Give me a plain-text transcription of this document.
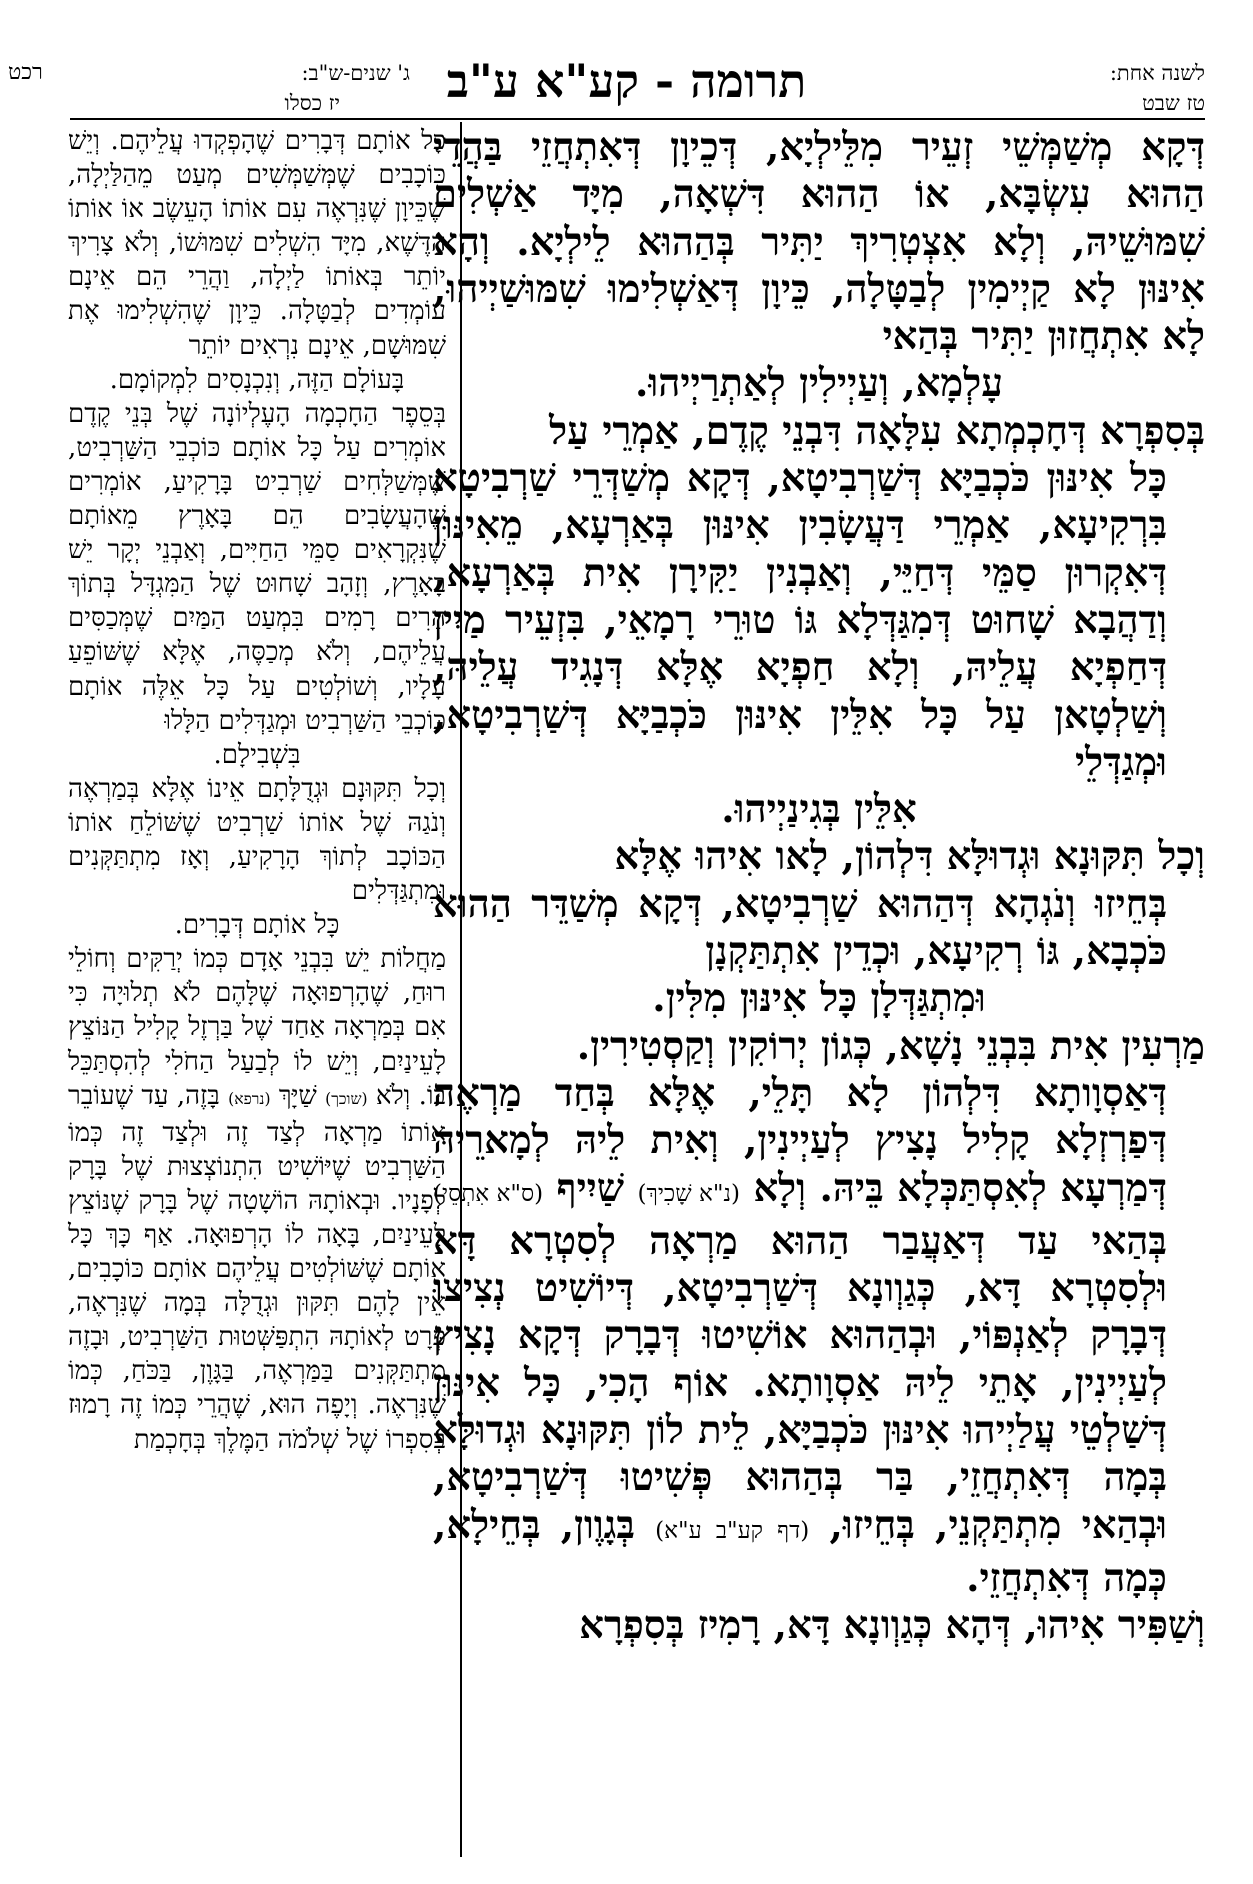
לשנה אחת:
טז שבט
תרומה - קע"א ע"ב
רכט	ג' שנים-ש"ב:
יז כסלו

דְּקָא מְשַׁמְּשֵׁי זְעֵיר מִלֵּילְיָא, דְּכֵיוָן דְּאִתְחֲזֵי בַּהֲדֵי הַהוּא עִשְׂבָּא, אוֹ הַהוּא דִּשְׁאָה, מִיָּד אַשְׁלִים שִׁמּוּשֵׁיהּ, וְלָא אִצְטְרִיךְ יַתִּיר בְּהַהוּא לֵילְיָא. וְהָא אִינּוּן לָא קַיְימִין לְבַטָּלָה, כֵּיוָן דְּאַשְׁלִימוּ שִׁמּוּשַׁיְיהוּ, לָא אִתְחֲזוּן יַתִּיר בְּהַאי

עָלְמָא, וְעַיְילִין לְאַתְרַיְיהוּ.

בְּסִפְרָא דְּחָכְמְתָא עִלָּאָה דִּבְנֵי קֶדֶם, אַמְרֵי עַל

כָּל אִינּוּן כֹּכְבַיָּא דְּשַׁרְבִיטָא, דְּקָא מְשַׁדְּרֵי שַׁרְבִיטָא בִּרְקִיעָא, אַמְרֵי דַּעֲשָׂבִין אִינּוּן בְּאַרְעָא, מֵאִינּוּן דְּאִקְרוּן סַמֵּי דְּחַיֵּי, וְאַבְנִין יַקִּירָן אִית בְּאַרְעָא, וְדַהֲבָא שָׁחוּט דְּמִגַּדְּלָא גּוֹ טוּרֵי רָמָאֵי, בִּזְעֵיר מַיִין דְּחַפְיָא עֲלֵיהּ, וְלָא חַפְיָא אֶלָּא דְּנָגִיד עֲלֵיהּ, וְשַׁלְטָאן עַל כָּל אִלֵּין אִינּוּן כֹּכְבַיָּא דְּשַׁרְבִיטָא, וּמְגַדְּלֵי

אִלֵּין בְּגִינַיְיהוּ.

וְכָל תִּקּוּנָא וּגְדוּלָּא דִּלְהוֹן, לָאו אִיהוּ אֶלָּא

בְּחֵיזוּ וְנֹגְהָא דְּהַהוּא שַׁרְבִיטָא, דְּקָא מְשַׁדֵּר הַהוּא כֹּכְבָא, גּוֹ רְקִיעָא, וּכְדֵין אִתְתַּקְנָן

וּמִתְגַּדְּלָן כָּל אִינּוּן מִלִּין.

מַרְעִין אִית בִּבְנֵי נָשָׁא, כְּגוֹן יְרוֹקִין וְקַסְטִירִין.

דְּאַסְוָותָא דִּלְהוֹן לָא תָּלֵי, אֶלָּא בְּחַד מַרְאֶה דְּפַרְזְלָא קָלִיל נָצִיץ לְעַיְינִין, וְאִית לֵיהּ לְמָארֵיהּ דְּמַרְעָא לְאִסְתַּכְּלָא בֵּיהּ. וְלָא (נ"א שָׁכִיךְ) שַׁיִיף (ס"א אִתְסֵי) בְּהַאי עַד דְּאַעֲבַר הַהוּא מַרְאָה לְסִטְרָא דָּא וּלְסִטְרָא דָּא, כְּגַוְונָא דְּשַׁרְבִיטָא, דְּיוֹשִׁיט נְצִיצוּ דְּבָרָק לְאַנְפּוֹי, וּבְהַהוּא אוֹשִׁיטוּ דְּבָרָק דְּקָא נָצִיץ לְעַיְינִין, אָתֵי לֵיהּ אַסְוָותָא. אוֹף הָכִי, כָּל אִינּוּן דְּשַׁלְטֵי עֲלַיְיהוּ אִינּוּן כֹּכְבַיָּא, לֵית לוֹן תִּקּוּנָא וּגְדוּלָּא בְּמָה דְּאִתְחֲזֵי, בַּר בְּהַהוּא פְּשִׁיטוּ דְּשַׁרְבִיטָא, וּבְהַאי מִתְתַּקְנֵי, בְּחֵיזוּ, (דף קע"ב ע"א) בְּגָוֶון, בְּחֵילָא, כְּמָה דְּאִתְחֲזֵי.

וְשַׁפִּיר אִיהוּ, דְּהָא כְּגַוְונָא דָּא, רָמִיז בְּסִפְרָא

כָּל אוֹתָם דְּבָרִים שֶׁהָפְקְדוּ עֲלֵיהֶם. וְיֵשׁ כּוֹכָבִים שֶׁמְּשַׁמְּשִׁים מְעַט מֵהַלַּיְלָה, שֶׁכֵּיוָן שֶׁנִּרְאֶה עִם אוֹתוֹ הָעֵשֶׂב אוֹ אוֹתוֹ הַדֶּשֶׁא, מִיָּד הִשְׁלִים שִׁמּוּשׁוֹ, וְלֹא צָרִיךְ יוֹתֵר בְּאוֹתוֹ לַיְלָה, וַהֲרֵי הֵם אֵינָם עוֹמְדִים לְבַטָּלָה. כֵּיוָן שֶׁהִשְׁלִימוּ אֶת שִׁמּוּשָׁם, אֵינָם נִרְאִים יוֹתֵר

בָּעוֹלָם הַזֶּה, וְנִכְנָסִים לִמְקוֹמָם.

בְּסֵפֶר הַחָכְמָה הָעֶלְיוֹנָה שֶׁל בְּנֵי קֶדֶם אוֹמְרִים עַל כָּל אוֹתָם כּוֹכְבֵי הַשַּׁרְבִיט, שֶׁמְּשַׁלְּחִים שַׁרְבִיט בָּרָקִיעַ, אוֹמְרִים שֶׁהָעֲשָׂבִים הֵם בָּאָרֶץ מֵאוֹתָם שֶׁנִּקְרָאִים סַמֵּי הַחַיִּים, וְאַבְנֵי יְקָר יֵשׁ בָּאָרֶץ, וְזָהָב שָׁחוּט שֶׁל הַמִּגְדָּל בְּתוֹךְ הָרִים רָמִים בִּמְעַט הַמַּיִם שֶׁמְּכַסִּים עֲלֵיהֶם, וְלֹא מְכַסֶּה, אֶלָּא שֶׁשּׁוֹפֵעַ עָלָיו, וְשׁוֹלְטִים עַל כָּל אֵלֶּה אוֹתָם כּוֹכְבֵי הַשַּׁרְבִיט וּמְגַדְּלִים הַלָּלוּ

בִּשְׁבִילָם.

וְכָל תִּקּוּנָם וּגְדֻלָּתָם אֵינוֹ אֶלָּא בְּמַרְאֶה וְנֹגַהּ שֶׁל אוֹתוֹ שַׁרְבִיט שֶׁשּׁוֹלֵחַ אוֹתוֹ הַכּוֹכָב לְתוֹךְ הָרָקִיעַ, וְאָז מִתְתַּקְּנִים וּמִתְגַּדְּלִים

כָּל אוֹתָם דְּבָרִים.

מַחֲלוֹת יֵשׁ בִּבְנֵי אָדָם כְּמוֹ יְרַקִּים וְחוֹלֵי רוּחַ, שֶׁהָרְפוּאָה שֶׁלָּהֶם לֹא תְלוּיָה כִּי אִם בְּמַרְאָה אַחַד שֶׁל בַּרְזֶל קָלִיל הַנּוֹצֵץ לָעֵינַיִם, וְיֵשׁ לוֹ לְבַעַל הַחֹלִי לְהִסְתַּכֵּל בּוֹ. וְלֹא (שוכך) שַׁיָּךְ (נרפא) בָּזֶה, עַד שֶׁעוֹבֵר אוֹתוֹ מַרְאָה לְצַד זֶה וּלְצַד זֶה כְּמוֹ הַשַּׁרְבִיט שֶׁיּוֹשִׁיט הִתְנוֹצְצוּת שֶׁל בָּרָק לְפָנָיו. וּבְאוֹתָהּ הוֹשָׁטָה שֶׁל בָּרָק שֶׁנּוֹצֵץ לָעֵינַיִם, בָּאָה לוֹ הָרְפוּאָה. אַף כָּךְ כָּל אוֹתָם שֶׁשּׁוֹלְטִים עֲלֵיהֶם אוֹתָם כּוֹכָבִים, אֵין לָהֶם תִּקּוּן וּגְדֻלָּה בְּמָה שֶׁנִּרְאֶה, פְּרָט לְאוֹתָהּ הִתְפַּשְּׁטוּת הַשַּׁרְבִיט, וּבָזֶה מִתְתַּקְּנִים בַּמַּרְאֶה, בַּגָּוֶן, בַּכֹּחַ, כְּמוֹ שֶׁנִּרְאֶה. וְיָפֶה הוּא, שֶׁהֲרֵי כְּמוֹ זֶה רָמוּז בְּסִפְרוֹ שֶׁל שְׁלֹמֹה הַמֶּלֶךְ בְּחָכְמַת
